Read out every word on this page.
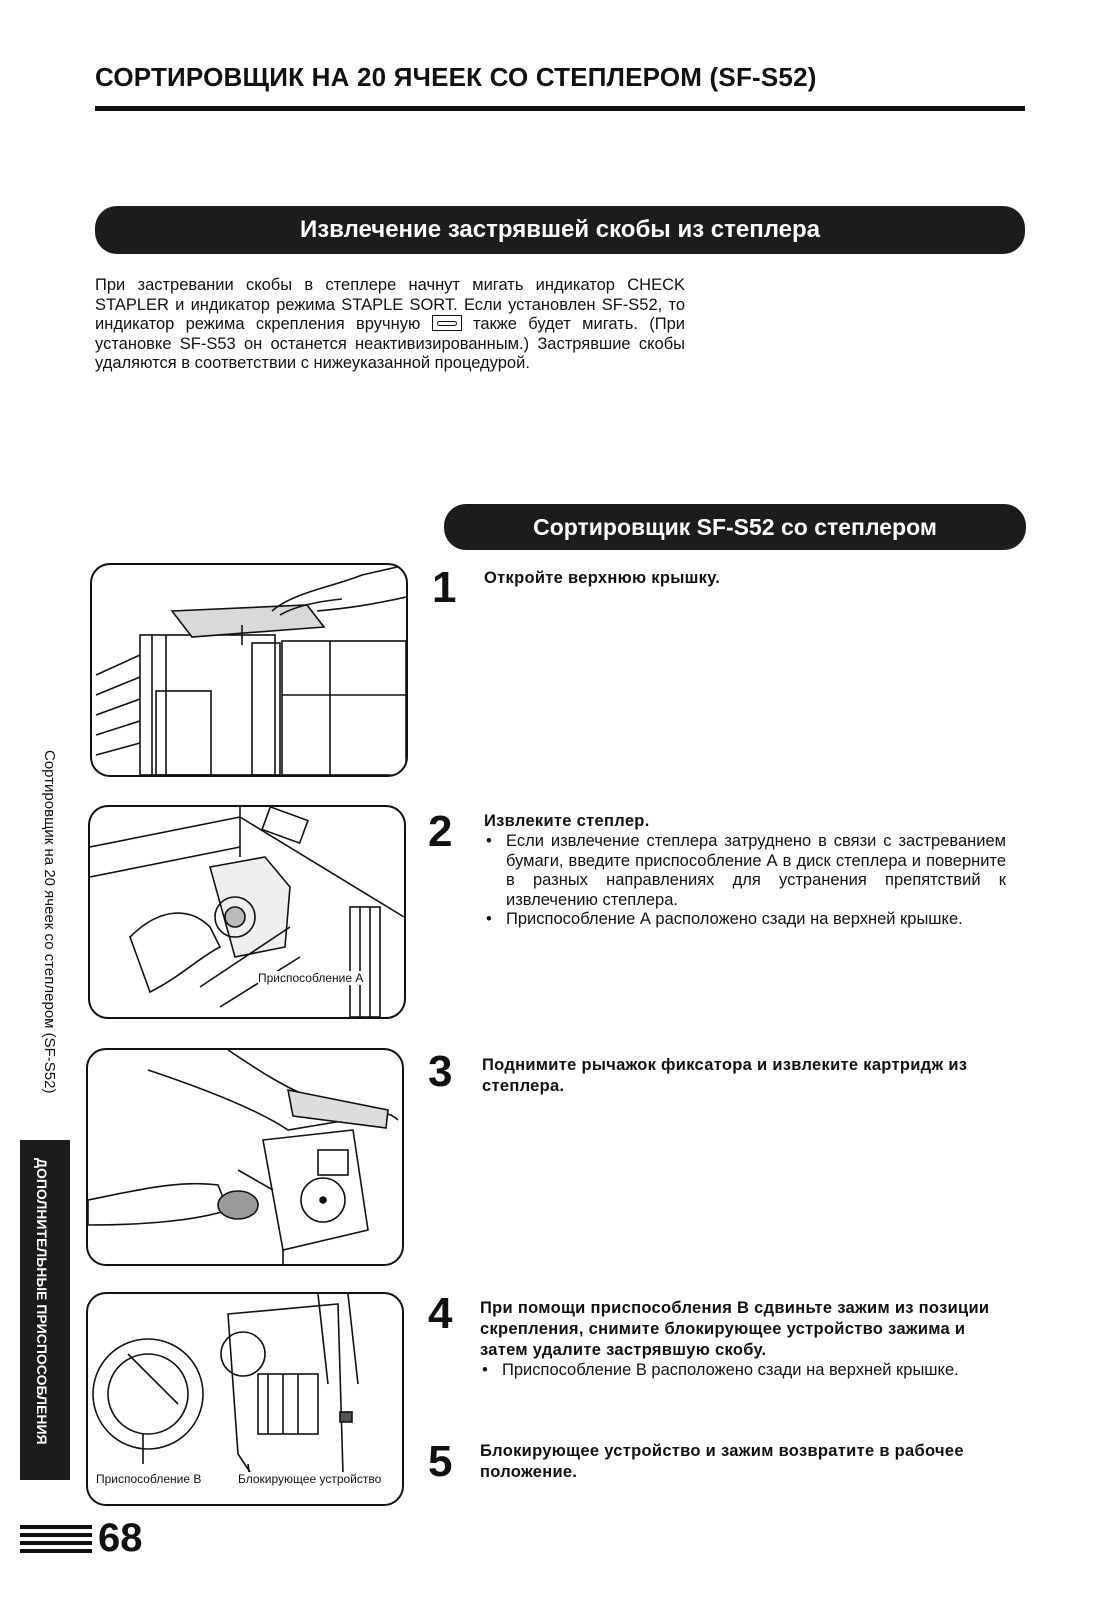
СОРТИРОВЩИК НА 20 ЯЧЕЕК СО СТЕПЛЕРОМ (SF-S52)
Извлечение застрявшей скобы из степлера

При застревании скобы в степлере начнут мигать индикатор CHECK STAPLER и индикатор режима STAPLE SORT. Если установлен SF-S52, то индикатор режима скрепления вручную	также будет мигать. (При установке SF-S53 он останется неактивизированным.) Застрявшие скобы удаляются в соответствии с нижеуказанной процедурой.

Сортировщик SF-S52 со степлером
Приспособление А
Приспособление В	Блокирующее устройство
1 Откройте верхнюю крышку.
2 Извлеките степлер.
• Если извлечение степлера затруднено в связи с застреванием бумаги, введите приспособление А в диск степлера и поверните в разных направлениях для устранения препятствий к извлечению степлера.
• Приспособление А расположено сзади на верхней крышке.
3 Поднимите рычажок фиксатора и извлеките картридж из степлера.
4 При помощи приспособления В сдвиньте зажим из позиции скрепления, снимите блокирующее устройство зажима и затем удалите застрявшую скобу.
• Приспособление В расположено сзади на верхней крышке.
5 Блокирующее устройство и зажим возвратите в рабочее положение.
Сортировщик на 20 ячеек со степлером (SF-S52)
ДОПОЛНИТЕЛЬНЫЕ ПРИСПОСОБЛЕНИЯ
68
